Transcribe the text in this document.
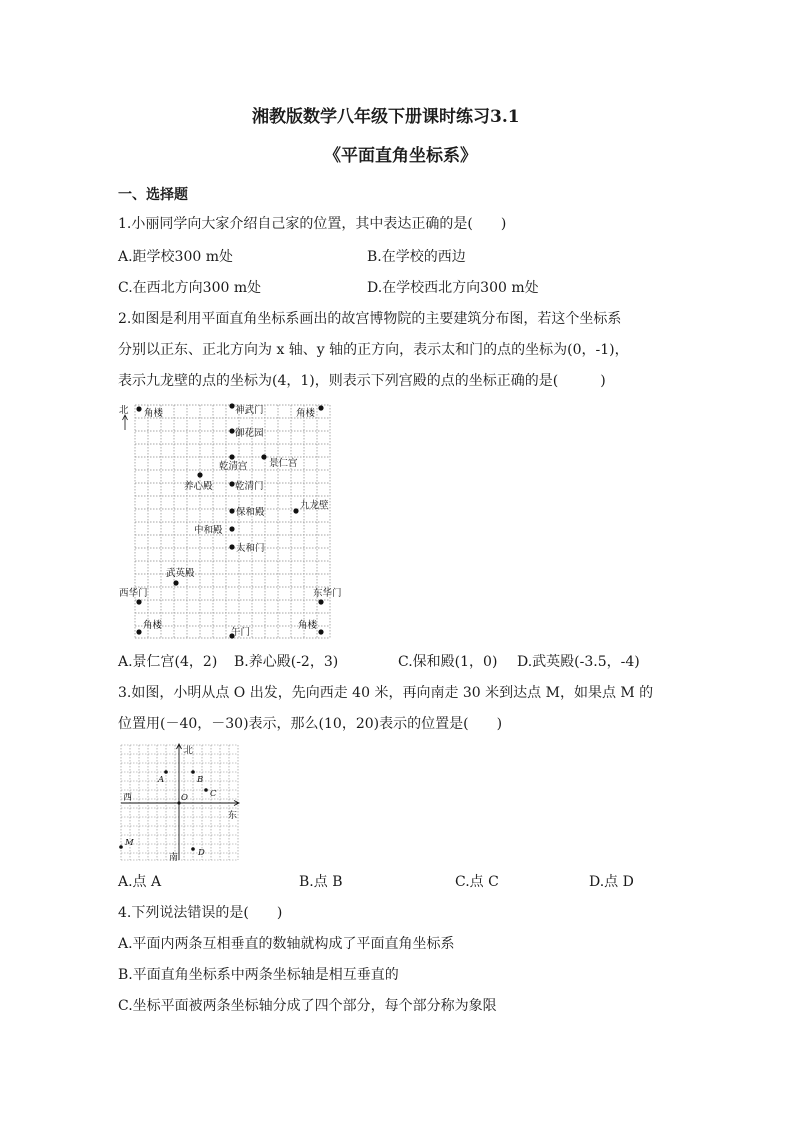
湘教版数学八年级下册课时练习3.1
《平面直角坐标系》
一、选择题
1.小丽同学向大家介绍自己家的位置，其中表达正确的是(　　)
A.距学校300 m处	B.在学校的西边
C.在西北方向300 m处	D.在学校西北方向300 m处
2.如图是利用平面直角坐标系画出的故宫博物院的主要建筑分布图，若这个坐标系
分别以正东、正北方向为 x 轴、y 轴的正方向，表示太和门的点的坐标为(0，-1)，
表示九龙壁的点的坐标为(4，1)，则表示下列宫殿的点的坐标正确的是(　　　)
北 角楼	神武门	角楼
御花园
乾清宫 景仁宫
养心殿 乾清门
九龙壁
保和殿
中和殿
太和门
武英殿
西华门	东华门
角楼
午门
角楼
A.景仁宫(4，2) B.养心殿(-2，3)	C.保和殿(1，0) D.武英殿(-3.5，-4)
3.如图，小明从点 O 出发，先向西走 40 米，再向南走 30 米到达点 M，如果点 M 的
位置用(－40，－30)表示，那么(10，20)表示的位置是(　　)
北
南
西
东
A	B
C
O
M
D
A.点 A	B.点 B	C.点 C	D.点 D
4.下列说法错误的是(　　)
A.平面内两条互相垂直的数轴就构成了平面直角坐标系
B.平面直角坐标系中两条坐标轴是相互垂直的
C.坐标平面被两条坐标轴分成了四个部分，每个部分称为象限
